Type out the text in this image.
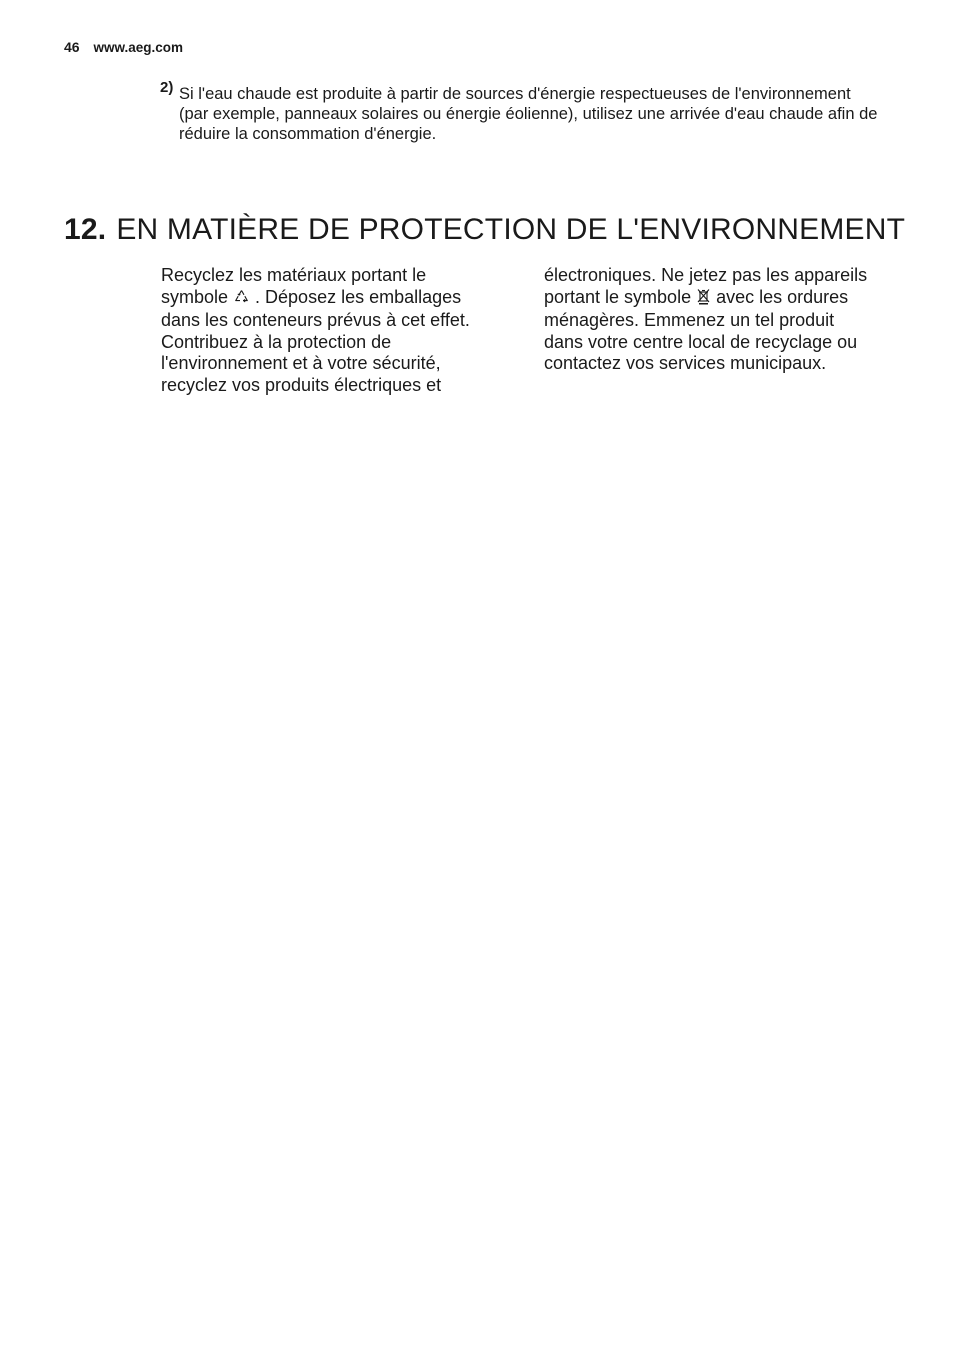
46 www.aeg.com
2) Si l'eau chaude est produite à partir de sources d'énergie respectueuses de l'environnement (par exemple, panneaux solaires ou énergie éolienne), utilisez une arrivée d'eau chaude afin de réduire la consommation d'énergie.
12. EN MATIÈRE DE PROTECTION DE L'ENVIRONNEMENT

Recyclez les matériaux portant le symbole  . Déposez les emballages dans les conteneurs prévus à cet effet.

Contribuez à la protection de l'environnement et à votre sécurité, recyclez vos produits électriques et

électroniques. Ne jetez pas les appareils portant le symbole  avec les ordures ménagères. Emmenez un tel produit dans votre centre local de recyclage ou contactez vos services municipaux.
